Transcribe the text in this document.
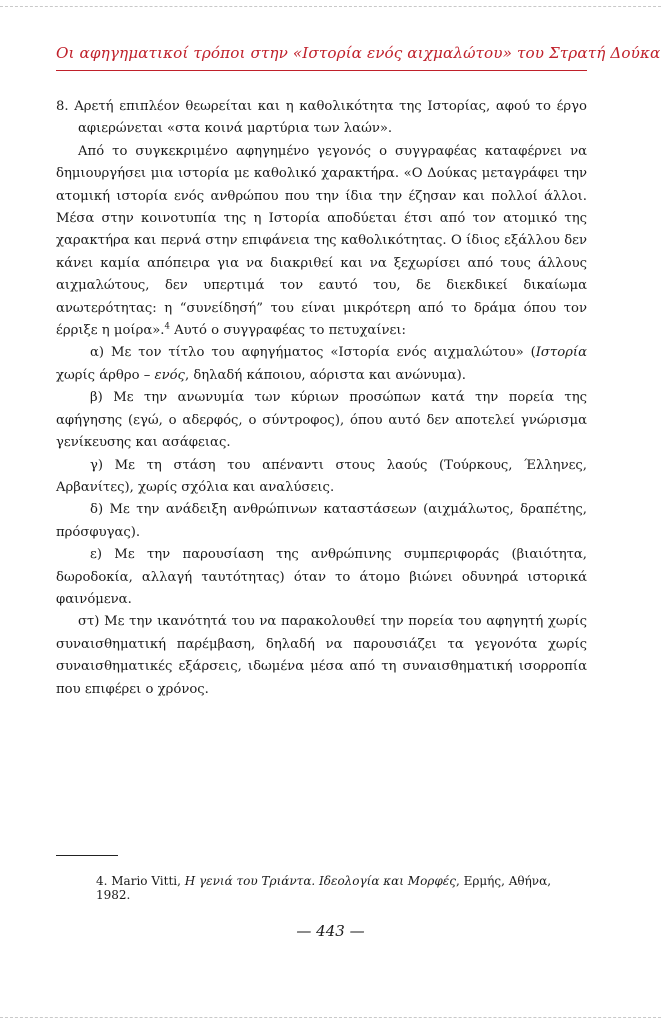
Οι αφηγηματικοί τρόποι στην «Ιστορία ενός αιχμαλώτου» του Στρατή Δούκα

8. Αρετή επιπλέον θεωρείται και η καθολικότητα της Ιστορίας, αφού το έργο αφιερώνεται «στα κοινά μαρτύρια των λαών».

Από το συγκεκριμένο αφηγημένο γεγονός ο συγγραφέας καταφέρνει να δημιουργήσει μια ιστορία με καθολικό χαρακτήρα. «Ο Δούκας μεταγράφει την ατομική ιστορία ενός ανθρώπου που την ίδια την έζησαν και πολλοί άλλοι. Μέσα στην κοινοτυπία της η Ιστορία αποδύεται έτσι από τον ατομικό της χαρακτήρα και περνά στην επιφάνεια της καθολικότητας. Ο ίδιος εξάλλου δεν κάνει καμία απόπειρα για να διακριθεί και να ξεχωρίσει από τους άλλους αιχμαλώτους, δεν υπερτιμά τον εαυτό του, δε διεκδικεί δικαίωμα ανωτερότητας: η “συνείδησή” του είναι μικρότερη από το δράμα όπου τον έρριξε η μοίρα».$^4$ Αυτό ο συγγραφέας το πετυχαίνει:

α) Με τον τίτλο του αφηγήματος «Ιστορία ενός αιχμαλώτου» (Ιστορία χωρίς άρθρο – ενός, δηλαδή κάποιου, αόριστα και ανώνυμα).

β) Με την ανωνυμία των κύριων προσώπων κατά την πορεία της αφήγησης (εγώ, ο αδερφός, ο σύντροφος), όπου αυτό δεν αποτελεί γνώρισμα γενίκευσης και ασάφειας.

γ) Με τη στάση του απέναντι στους λαούς (Τούρκους, Έλληνες, Αρβανίτες), χωρίς σχόλια και αναλύσεις.

δ) Με την ανάδειξη ανθρώπινων καταστάσεων (αιχμάλωτος, δραπέτης, πρόσφυγας).

ε) Με την παρουσίαση της ανθρώπινης συμπεριφοράς (βιαιότητα, δωροδοκία, αλλαγή ταυτότητας) όταν το άτομο βιώνει οδυνηρά ιστορικά φαινόμενα.

στ) Με την ικανότητά του να παρακολουθεί την πορεία του αφηγητή χωρίς συναισθηματική παρέμβαση, δηλαδή να παρουσιάζει τα γεγονότα χωρίς συναισθηματικές εξάρσεις, ιδωμένα μέσα από τη συναισθηματική ισορροπία που επιφέρει ο χρόνος.

4. Mario Vitti, Η γενιά του Τριάντα. Ιδεολογία και Μορφές, Ερμής, Αθήνα, 1982.
— 443 —
